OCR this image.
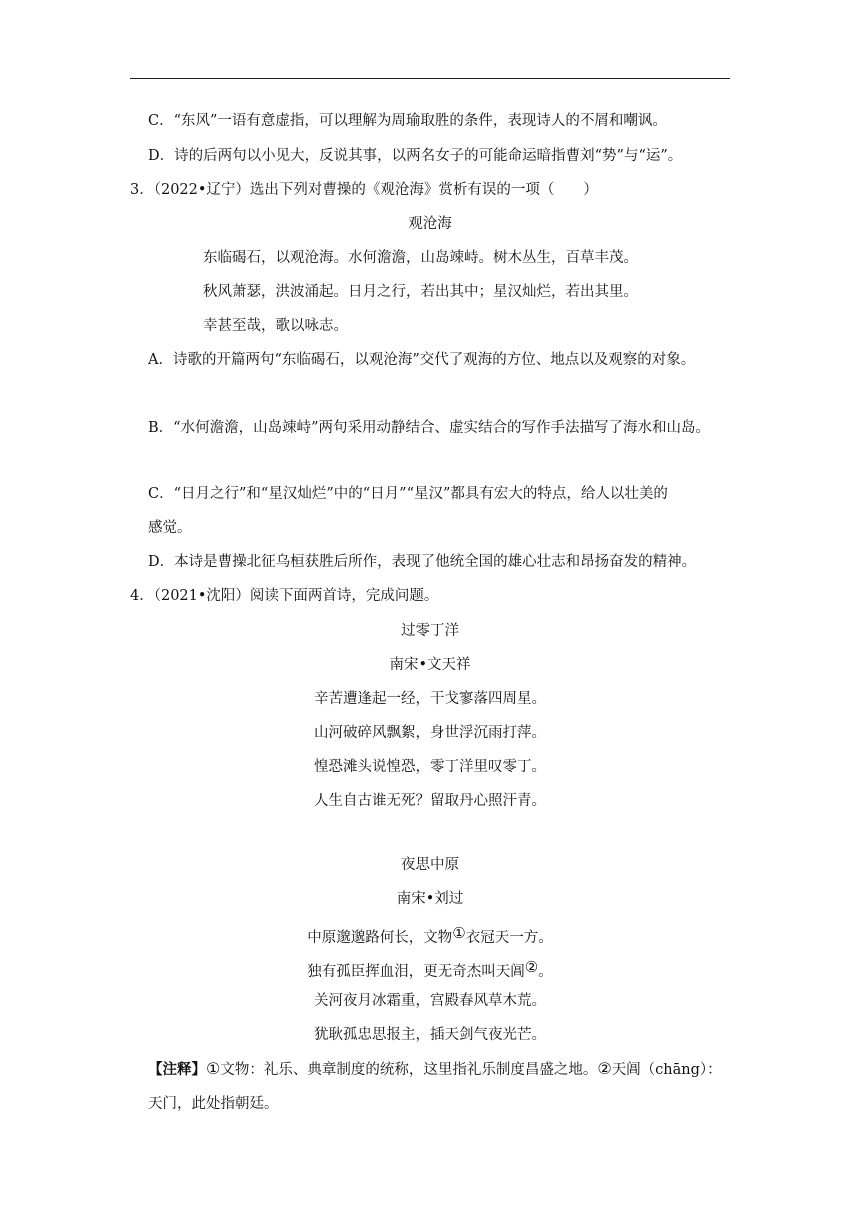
C．“东风”一语有意虚指，可以理解为周瑜取胜的条件，表现诗人的不屑和嘲讽。
D．诗的后两句以小见大，反说其事，以两名女子的可能命运暗指曹刘“势”与“运”。
3．（2022•辽宁）选出下列对曹操的《观沧海》赏析有误的一项（　　）
观沧海
东临碣石，以观沧海。水何澹澹，山岛竦峙。树木丛生，百草丰茂。
秋风萧瑟，洪波涌起。日月之行，若出其中；星汉灿烂，若出其里。
幸甚至哉，歌以咏志。
A．诗歌的开篇两句“东临碣石，以观沧海”交代了观海的方位、地点以及观察的对象。
B．“水何澹澹，山岛竦峙”两句采用动静结合、虚实结合的写作手法描写了海水和山岛。
C．“日月之行”和“星汉灿烂”中的“日月”“星汉”都具有宏大的特点，给人以壮美的
感觉。
D．本诗是曹操北征乌桓获胜后所作，表现了他统全国的雄心壮志和昂扬奋发的精神。
4．（2021•沈阳）阅读下面两首诗，完成问题。
过零丁洋
南宋•文天祥
辛苦遭逢起一经，干戈寥落四周星。
山河破碎风飘絮，身世浮沉雨打萍。
惶恐滩头说惶恐，零丁洋里叹零丁。
人生自古谁无死？留取丹心照汗青。
夜思中原
南宋•刘过
中原邈邈路何长，文物①衣冠天一方。
独有孤臣挥血泪，更无奇杰叫天阊②。
关河夜月冰霜重，宫殿春风草木荒。
犹耿孤忠思报主，插天剑气夜光芒。
【注释】①文物：礼乐、典章制度的统称，这里指礼乐制度昌盛之地。②天阊（chāng）：
天门，此处指朝廷。
